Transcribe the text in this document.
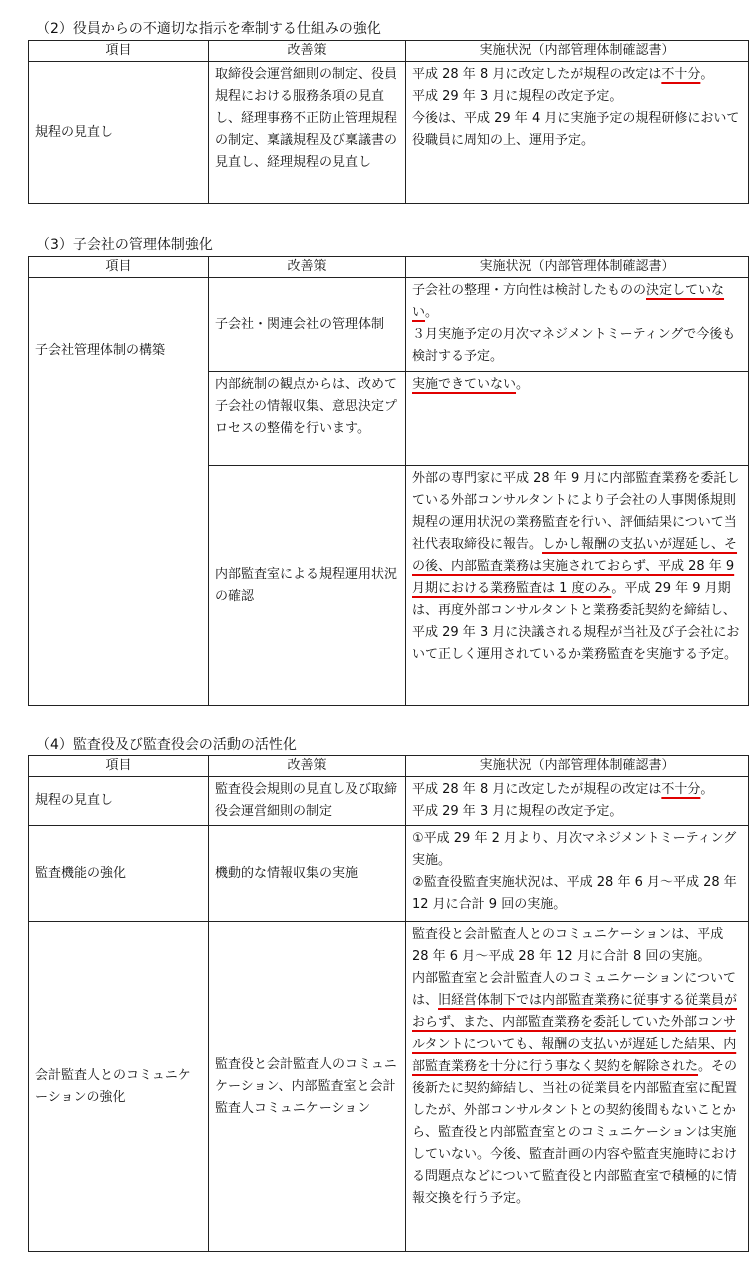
（2）役員からの不適切な指示を牽制する仕組みの強化
項目	改善策	実施状況（内部管理体制確認書）
規程の見直し	取締役会運営細則の制定、役員規程における服務条項の見直し、経理事務不正防止管理規程の制定、稟議規程及び稟議書の見直し、経理規程の見直し	平成 28 年 8 月に改定したが規程の改定は不十分。
平成 29 年 3 月に規程の改定予定。
今後は、平成 29 年 4 月に実施予定の規程研修において役職員に周知の上、運用予定。
（3）子会社の管理体制強化
項目	改善策	実施状況（内部管理体制確認書）
子会社管理体制の構築	子会社・関連会社の管理体制	子会社の整理・方向性は検討したものの決定していない。
３月実施予定の月次マネジメントミーティングで今後も検討する予定。

	内部統制の観点からは、改めて子会社の情報収集、意思決定プロセスの整備を行います。	実施できていない。

	内部監査室による規程運用状況の確認	外部の専門家に平成 28 年 9 月に内部監査業務を委託している外部コンサルタントにより子会社の人事関係規則規程の運用状況の業務監査を行い、評価結果について当社代表取締役に報告。しかし報酬の支払いが遅延し、その後、内部監査業務は実施されておらず、平成 28 年 9 月期における業務監査は 1 度のみ。平成 29 年 9 月期は、再度外部コンサルタントと業務委託契約を締結し、平成 29 年 3 月に決議される規程が当社及び子会社において正しく運用されているか業務監査を実施する予定。
（4）監査役及び監査役会の活動の活性化
項目	改善策	実施状況（内部管理体制確認書）
規程の見直し	監査役会規則の見直し及び取締役会運営細則の制定	平成 28 年 8 月に改定したが規程の改定は不十分。
平成 29 年 3 月に規程の改定予定。

監査機能の強化	機動的な情報収集の実施	①平成 29 年 2 月より、月次マネジメントミーティング実施。
②監査役監査実施状況は、平成 28 年 6 月～平成 28 年 12 月に合計 9 回の実施。

会計監査人とのコミュニケーションの強化	監査役と会計監査人のコミュニケーション、内部監査室と会計監査人コミュニケーション	監査役と会計監査人とのコミュニケーションは、平成 28 年 6 月～平成 28 年 12 月に合計 8 回の実施。
内部監査室と会計監査人のコミュニケーションについては、旧経営体制下では内部監査業務に従事する従業員がおらず、また、内部監査業務を委託していた外部コンサルタントについても、報酬の支払いが遅延した結果、内部監査業務を十分に行う事なく契約を解除された。その後新たに契約締結し、当社の従業員を内部監査室に配置したが、外部コンサルタントとの契約後間もないことから、監査役と内部監査室とのコミュニケーションは実施していない。今後、監査計画の内容や監査実施時における問題点などについて監査役と内部監査室で積極的に情報交換を行う予定。
